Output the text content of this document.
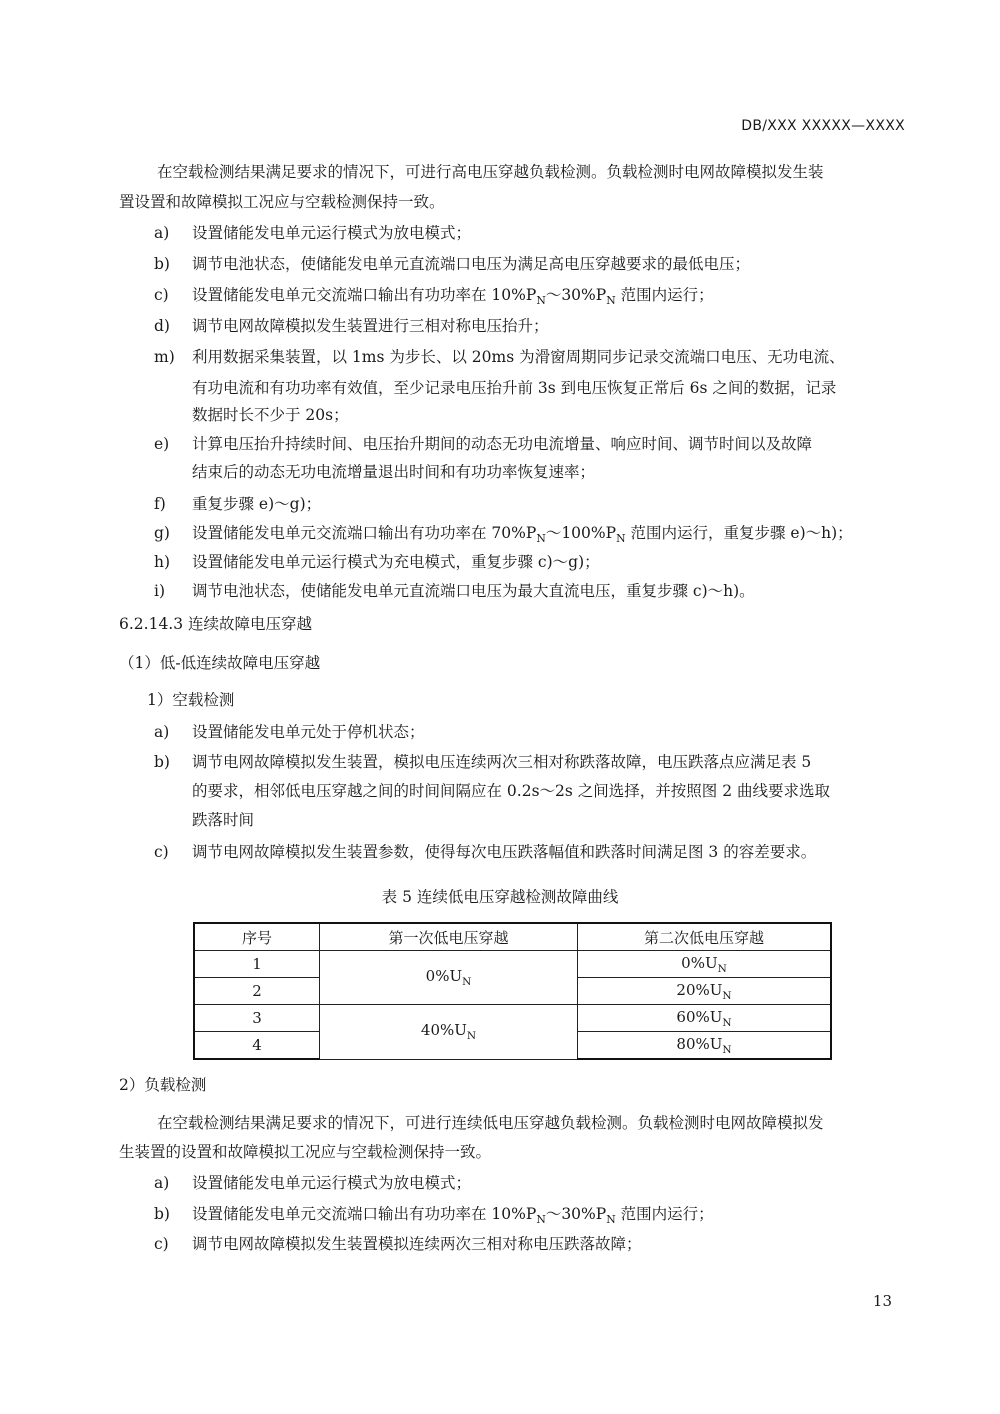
DB/XXX XXXXX—XXXX
在空载检测结果满足要求的情况下，可进行高电压穿越负载检测。负载检测时电网故障模拟发生装
置设置和故障模拟工况应与空载检测保持一致。
a) 设置储能发电单元运行模式为放电模式；
b) 调节电池状态，使储能发电单元直流端口电压为满足高电压穿越要求的最低电压；
c) 设置储能发电单元交流端口输出有功功率在 $10\%P_N\sim 30\%P_N$ 范围内运行；
d) 调节电网故障模拟发生装置进行三相对称电压抬升；
m) 利用数据采集装置，以 1ms 为步长、以 20ms 为滑窗周期同步记录交流端口电压、无功电流、
有功电流和有功功率有效值，至少记录电压抬升前 3s 到电压恢复正常后 6s 之间的数据，记录
数据时长不少于 20s；
e) 计算电压抬升持续时间、电压抬升期间的动态无功电流增量、响应时间、调节时间以及故障
结束后的动态无功电流增量退出时间和有功功率恢复速率；
f) 重复步骤 e)～g)；
g) 设置储能发电单元交流端口输出有功功率在 $70\%P_N\sim 100\%P_N$ 范围内运行，重复步骤 e)～h)；
h) 设置储能发电单元运行模式为充电模式，重复步骤 c)～g)；
i) 调节电池状态，使储能发电单元直流端口电压为最大直流电压，重复步骤 c)～h)。
6.2.14.3 连续故障电压穿越
（1）低-低连续故障电压穿越
1）空载检测
a) 设置储能发电单元处于停机状态；
b) 调节电网故障模拟发生装置，模拟电压连续两次三相对称跌落故障，电压跌落点应满足表 5
的要求，相邻低电压穿越之间的时间间隔应在 0.2s～2s 之间选择，并按照图 2 曲线要求选取
跌落时间
c) 调节电网故障模拟发生装置参数，使得每次电压跌落幅值和跌落时间满足图 3 的容差要求。
表 5 连续低电压穿越检测故障曲线
序号	第一次低电压穿越	第二次低电压穿越
1	$0\%U_N$	$0\%U_N$
2		$20\%U_N$
3	$40\%U_N$	$60\%U_N$
4		$80\%U_N$
2）负载检测
在空载检测结果满足要求的情况下，可进行连续低电压穿越负载检测。负载检测时电网故障模拟发
生装置的设置和故障模拟工况应与空载检测保持一致。
a) 设置储能发电单元运行模式为放电模式；
b) 设置储能发电单元交流端口输出有功功率在 $10\%P_N\sim 30\%P_N$ 范围内运行；
c) 调节电网故障模拟发生装置模拟连续两次三相对称电压跌落故障；
13
